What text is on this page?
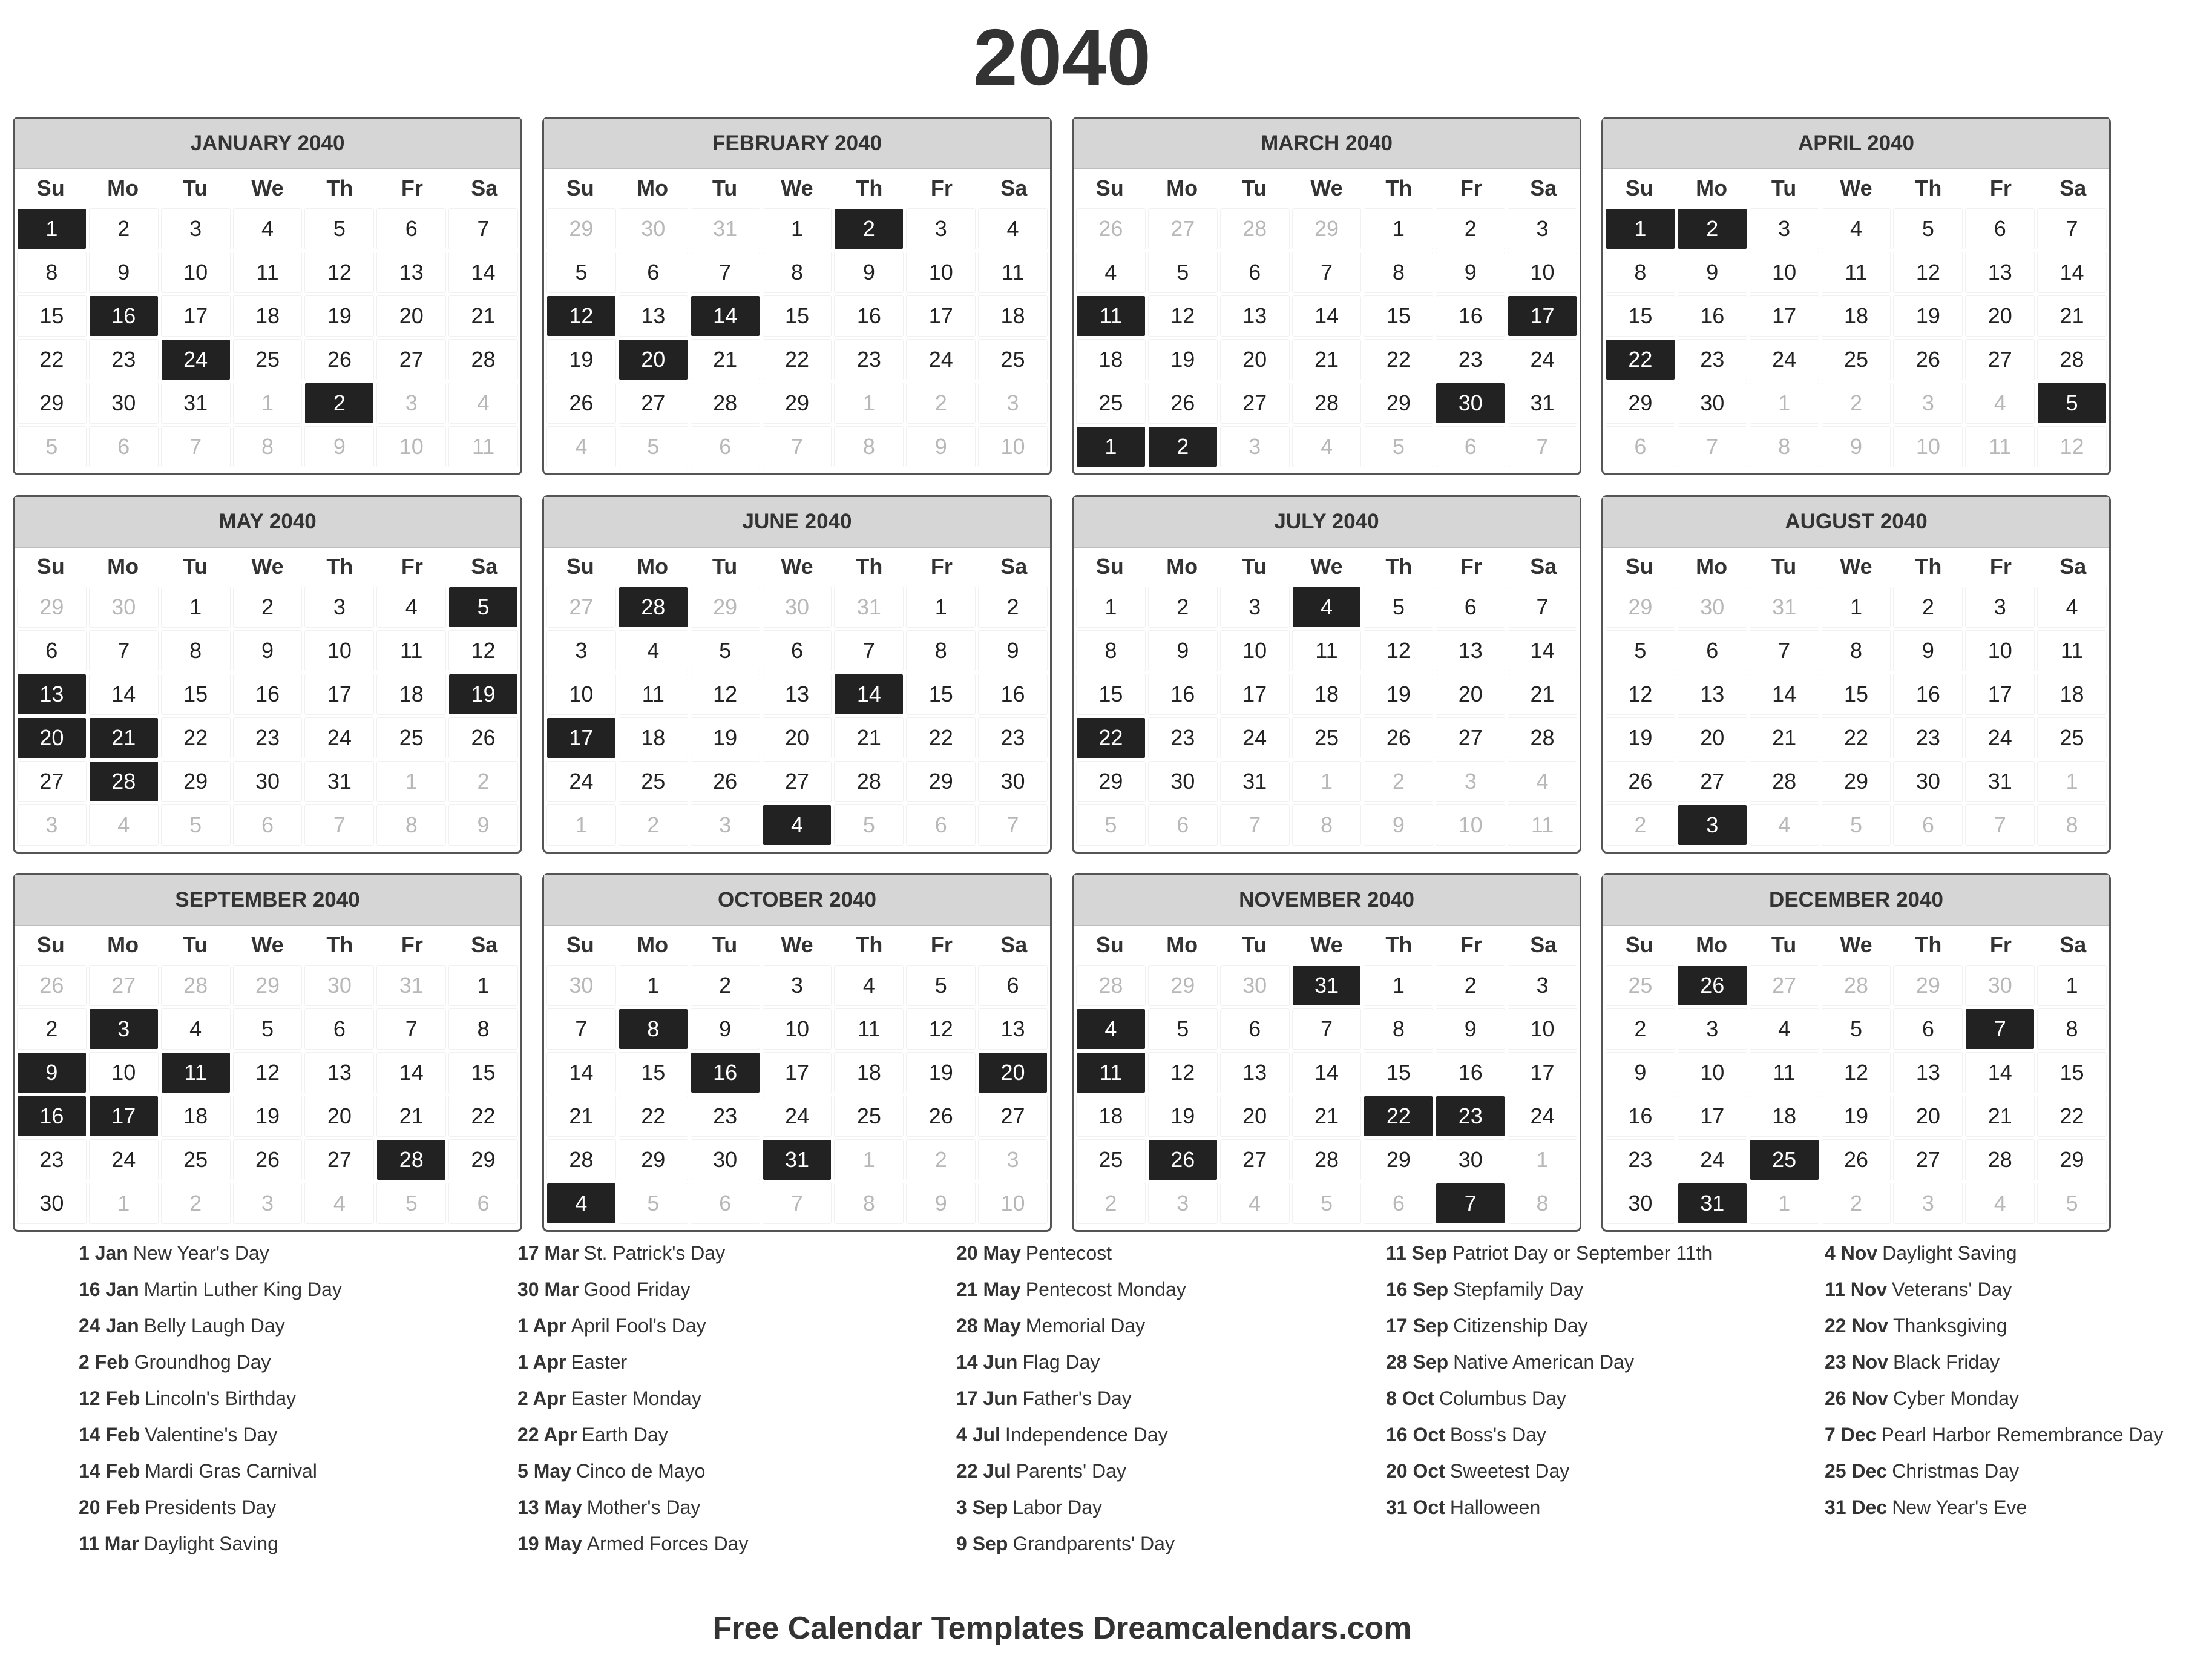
2040
JANUARY 2040
Su	Mo	Tu	We	Th	Fr	Sa
1	2	3	4	5	6	7
8	9	10	11	12	13	14
15	16	17	18	19	20	21
22	23	24	25	26	27	28
29	30	31	1	2	3	4
5	6	7	8	9	10	11
FEBRUARY 2040
Su	Mo	Tu	We	Th	Fr	Sa
29	30	31	1	2	3	4
5	6	7	8	9	10	11
12	13	14	15	16	17	18
19	20	21	22	23	24	25
26	27	28	29	1	2	3
4	5	6	7	8	9	10
MARCH 2040
Su	Mo	Tu	We	Th	Fr	Sa
26	27	28	29	1	2	3
4	5	6	7	8	9	10
11	12	13	14	15	16	17
18	19	20	21	22	23	24
25	26	27	28	29	30	31
1	2	3	4	5	6	7
APRIL 2040
Su	Mo	Tu	We	Th	Fr	Sa
1	2	3	4	5	6	7
8	9	10	11	12	13	14
15	16	17	18	19	20	21
22	23	24	25	26	27	28
29	30	1	2	3	4	5
6	7	8	9	10	11	12
MAY 2040
Su	Mo	Tu	We	Th	Fr	Sa
29	30	1	2	3	4	5
6	7	8	9	10	11	12
13	14	15	16	17	18	19
20	21	22	23	24	25	26
27	28	29	30	31	1	2
3	4	5	6	7	8	9
JUNE 2040
Su	Mo	Tu	We	Th	Fr	Sa
27	28	29	30	31	1	2
3	4	5	6	7	8	9
10	11	12	13	14	15	16
17	18	19	20	21	22	23
24	25	26	27	28	29	30
1	2	3	4	5	6	7
JULY 2040
Su	Mo	Tu	We	Th	Fr	Sa
1	2	3	4	5	6	7
8	9	10	11	12	13	14
15	16	17	18	19	20	21
22	23	24	25	26	27	28
29	30	31	1	2	3	4
5	6	7	8	9	10	11
AUGUST 2040
Su	Mo	Tu	We	Th	Fr	Sa
29	30	31	1	2	3	4
5	6	7	8	9	10	11
12	13	14	15	16	17	18
19	20	21	22	23	24	25
26	27	28	29	30	31	1
2	3	4	5	6	7	8
SEPTEMBER 2040
Su	Mo	Tu	We	Th	Fr	Sa
26	27	28	29	30	31	1
2	3	4	5	6	7	8
9	10	11	12	13	14	15
16	17	18	19	20	21	22
23	24	25	26	27	28	29
30	1	2	3	4	5	6
OCTOBER 2040
Su	Mo	Tu	We	Th	Fr	Sa
30	1	2	3	4	5	6
7	8	9	10	11	12	13
14	15	16	17	18	19	20
21	22	23	24	25	26	27
28	29	30	31	1	2	3
4	5	6	7	8	9	10
NOVEMBER 2040
Su	Mo	Tu	We	Th	Fr	Sa
28	29	30	31	1	2	3
4	5	6	7	8	9	10
11	12	13	14	15	16	17
18	19	20	21	22	23	24
25	26	27	28	29	30	1
2	3	4	5	6	7	8
DECEMBER 2040
Su	Mo	Tu	We	Th	Fr	Sa
25	26	27	28	29	30	1
2	3	4	5	6	7	8
9	10	11	12	13	14	15
16	17	18	19	20	21	22
23	24	25	26	27	28	29
30	31	1	2	3	4	5
1 Jan New Year's Day
16 Jan Martin Luther King Day
24 Jan Belly Laugh Day
2 Feb Groundhog Day
12 Feb Lincoln's Birthday
14 Feb Valentine's Day
14 Feb Mardi Gras Carnival
20 Feb Presidents Day
11 Mar Daylight Saving
17 Mar St. Patrick's Day
30 Mar Good Friday
1 Apr April Fool's Day
1 Apr Easter
2 Apr Easter Monday
22 Apr Earth Day
5 May Cinco de Mayo
13 May Mother's Day
19 May Armed Forces Day
20 May Pentecost
21 May Pentecost Monday
28 May Memorial Day
14 Jun Flag Day
17 Jun Father's Day
4 Jul Independence Day
22 Jul Parents' Day
3 Sep Labor Day
9 Sep Grandparents' Day
11 Sep Patriot Day or September 11th
16 Sep Stepfamily Day
17 Sep Citizenship Day
28 Sep Native American Day
8 Oct Columbus Day
16 Oct Boss's Day
20 Oct Sweetest Day
31 Oct Halloween
4 Nov Daylight Saving
11 Nov Veterans' Day
22 Nov Thanksgiving
23 Nov Black Friday
26 Nov Cyber Monday
7 Dec Pearl Harbor Remembrance Day
25 Dec Christmas Day
31 Dec New Year's Eve
Free Calendar Templates Dreamcalendars.com
